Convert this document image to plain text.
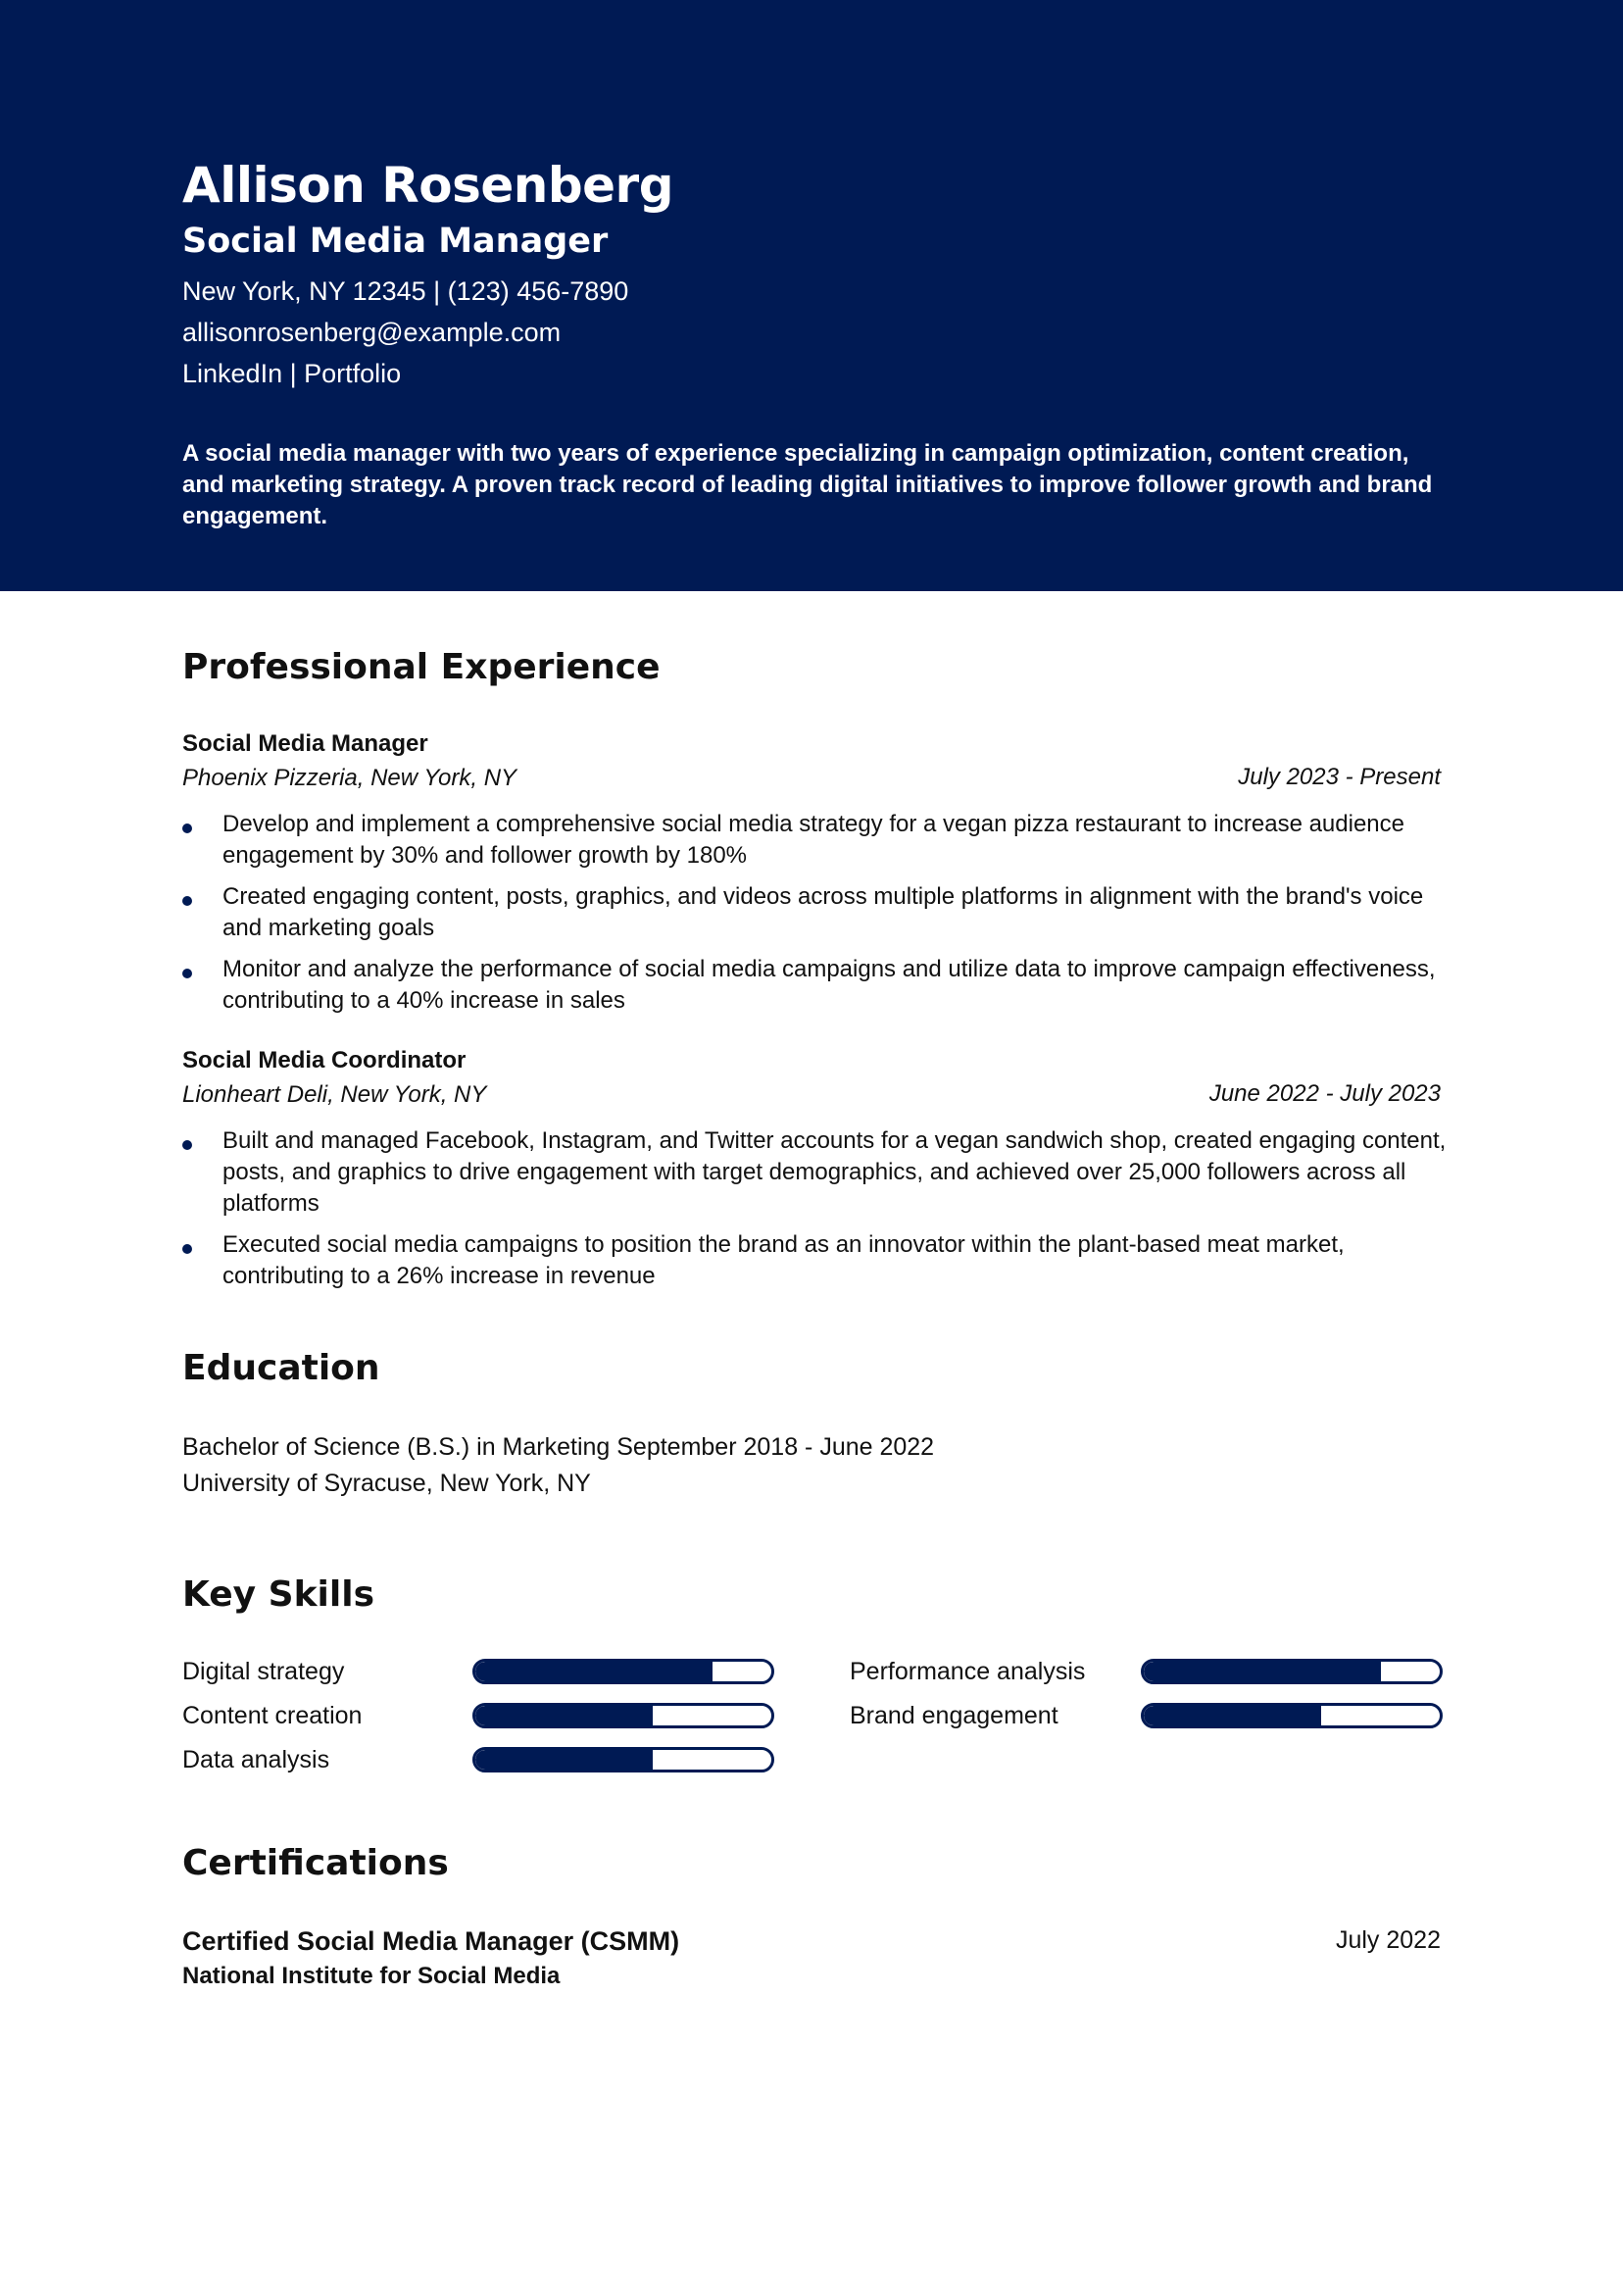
Allison Rosenberg
Social Media Manager
New York, NY 12345 | (123) 456-7890
allisonrosenberg@example.com
LinkedIn | Portfolio
A social media manager with two years of experience specializing in campaign optimization, content creation, and marketing strategy. A proven track record of leading digital initiatives to improve follower growth and brand engagement.
Professional Experience
Social Media Manager
Phoenix Pizzeria, New York, NY	July 2023 - Present
Develop and implement a comprehensive social media strategy for a vegan pizza restaurant to increase audience engagement by 30% and follower growth by 180%
Created engaging content, posts, graphics, and videos across multiple platforms in alignment with the brand's voice and marketing goals
Monitor and analyze the performance of social media campaigns and utilize data to improve campaign effectiveness, contributing to a 40% increase in sales
Social Media Coordinator
Lionheart Deli, New York, NY	June 2022 - July 2023
Built and managed Facebook, Instagram, and Twitter accounts for a vegan sandwich shop, created engaging content, posts, and graphics to drive engagement with target demographics, and achieved over 25,000 followers across all platforms
Executed social media campaigns to position the brand as an innovator within the plant-based meat market, contributing to a 26% increase in revenue
Education
Bachelor of Science (B.S.) in Marketing September 2018 - June 2022
University of Syracuse, New York, NY
Key Skills
Digital strategy	Performance analysis
Content creation	Brand engagement
Data analysis
Certifications
Certified Social Media Manager (CSMM)
National Institute for Social Media
July 2022
